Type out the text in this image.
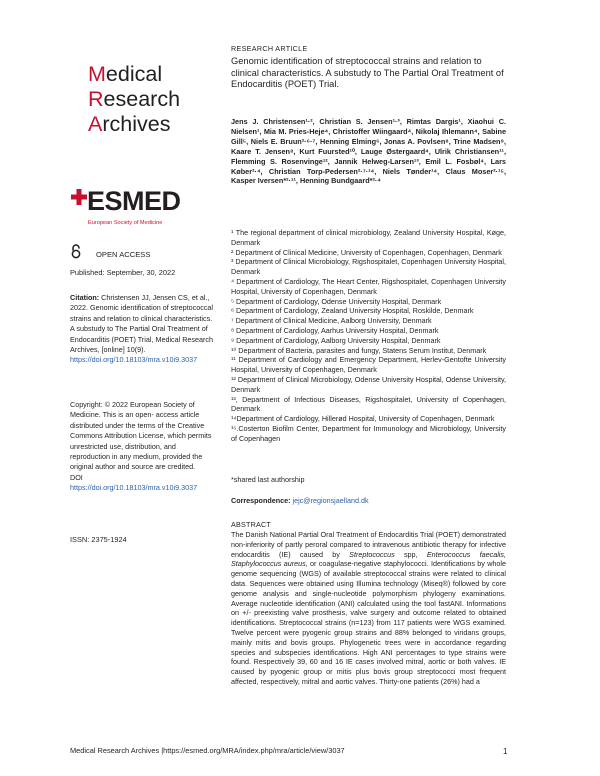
Medical
Research
Archives
ESMED
European Society of Medicine
OPEN ACCESS
Published: September, 30, 2022

Citation: Christensen JJ, Jensen CS, et al., 2022. Genomic identification of streptococcal strains and relation to clinical characteristics. A substudy to The Partial Oral Treatment of Endocarditis (POET) Trial, Medical Research Archives, [online] 10(9).

https://doi.org/10.18103/mra.v10i9.3037

Copyright: © 2022 European Society of Medicine. This is an open- access article distributed under the terms of the Creative Commons Attribution License, which permits unrestricted use, distribution, and reproduction in any medium, provided the original author and source are credited.

DOI

https://doi.org/10.18103/mra.v10i9.3037

ISSN: 2375-1924
RESEARCH ARTICLE
Genomic identification of streptococcal strains and relation to clinical characteristics. A substudy to The Partial Oral Treatment of Endocarditis (POET) Trial.
Jens J. Christensen¹·², Christian S. Jensen¹·³, Rimtas Dargis¹, Xiaohui C. Nielsen¹, Mia M. Pries-Heje⁴, Christoffer Wiingaard⁴, Nikolaj Ihlemann⁴, Sabine Gill⁵, Niels E. Bruun²·⁶·⁷, Henning Elming⁶, Jonas A. Povlsen⁸, Trine Madsen⁹, Kaare T. Jensen⁸, Kurt Fuursted¹⁰, Lauge Østergaard⁴, Ulrik Christiansen¹¹, Flemming S. Rosenvinge¹², Jannik Helweg-Larsen¹³, Emil L. Fosbøl⁴, Lars Køber²·⁴, Christian Torp-Pedersen²·⁷·¹⁴, Niels Tønder¹⁴, Claus Moser²·¹⁵, Kasper Iversen*²·¹¹, Henning Bundgaard*²·⁴

¹ The regional department of clinical microbiology, Zealand University Hospital, Køge, Denmark

² Department of Clinical Medicine, University of Copenhagen, Copenhagen, Denmark

³ Department of Clinical Microbiology, Rigshospitalet, Copenhagen University Hospital, Denmark

⁴ Department of Cardiology, The Heart Center, Rigshospitalet, Copenhagen University Hospital, University of Copenhagen, Denmark

⁵ Department of Cardiology, Odense University Hospital, Denmark

⁶ Department of Cardiology, Zealand University Hospital, Roskilde, Denmark

⁷ Department of Clinical Medicine, Aalborg University, Denmark

⁸ Department of Cardiology, Aarhus University Hospital, Denmark

⁹ Department of Cardiology, Aalborg University Hospital, Denmark

¹⁰ Department of Bacteria, parasites and fungy, Statens Serum Institut, Denmark

¹¹ Department of Cardiology and Emergency Department, Herlev-Gentofte University Hospital, University of Copenhagen, Denmark

¹² Department of Clinical Microbiology, Odense University Hospital, Odense University, Denmark

¹³, Department of Infectious Diseases, Rigshospitalet, University of Copenhagen, Denmark

¹⁴Department of Cardiology, Hillerød Hospital, University of Copenhagen, Denmark

¹⁵.Costerton Biofilm Center, Department for Immunology and Microbiology, University of Copenhagen

*shared last authorship
Correspondence: jejc@regionsjaelland.dk
ABSTRACT

The Danish National Partial Oral Treatment of Endocarditis Trial (POET) demonstrated non-inferiority of partly peroral compared to intravenous antibiotic therapy for infective endocarditis (IE) caused by Streptococcus spp, Enterococcus faecalis, Staphylococcus aureus, or coagulase-negative staphylococci. Identifications by whole genome sequencing (WGS) of available streptococcal strains were related to clinical data. Sequences were obtained using Illumina technology (Miseq®) followed by core genome analysis and single-nucleotide polymorphism phylogeny examinations. Average nucleotide identification (ANI) calculated using the tool fastANI. Informations on +/- preexisting valve prosthesis, valve surgery and outcome related to obtained identifications. Streptococcal strains (n=123) from 117 patients were WGS examined. Twelve percent were pyogenic group strains and 88% belonged to viridans groups, mainly mitis and bovis groups. Phylogenetic trees were in accordance regarding species and subspecies identifications. High ANI percentages to type strains were found. Respectively 39, 60 and 16 IE cases involved mitral, aortic or both valves. IE caused by pyogenic group or mitis plus bovis group streptococci most frequent affected, respectively, mitral and aortic valves. Thirty-one patients (26%) had a

Medical Research Archives |https://esmed.org/MRA/index.php/mra/article/view/3037	1
